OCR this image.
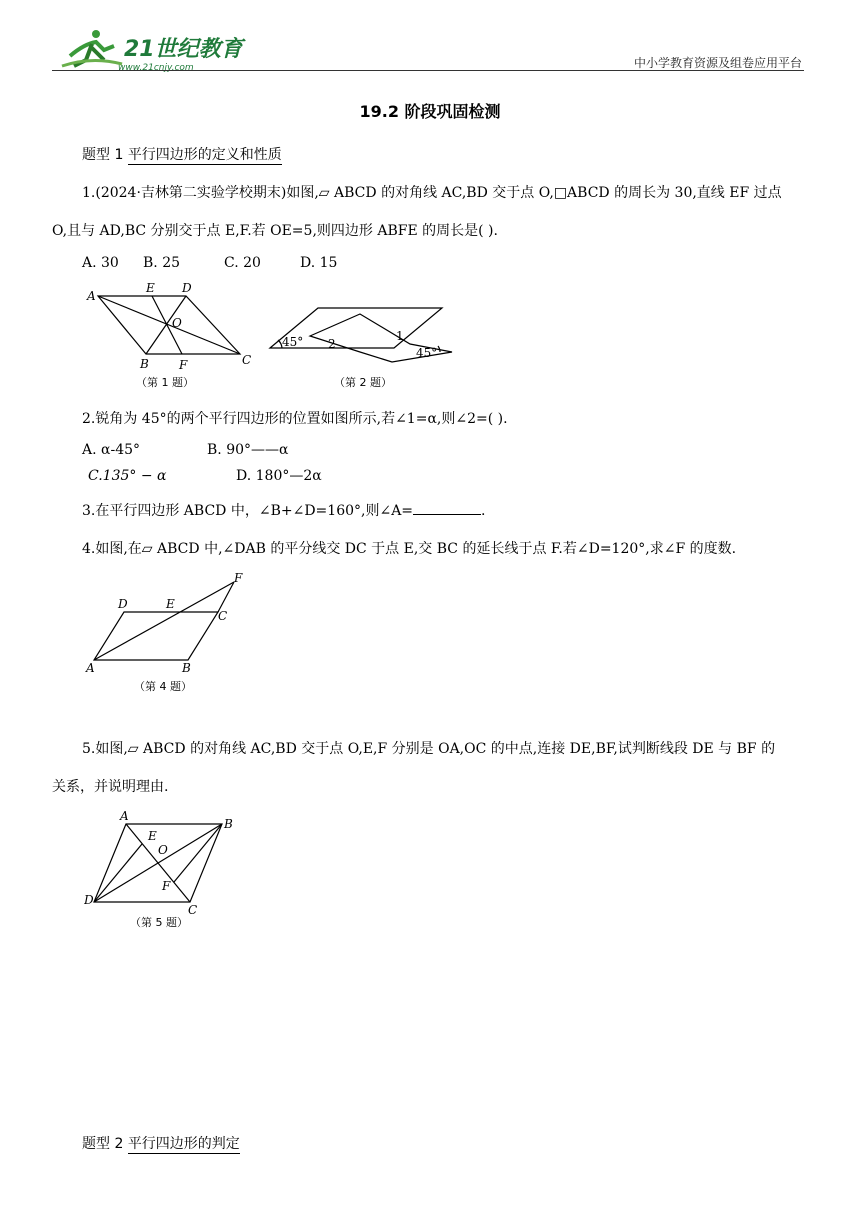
21世纪教育
www.21cnjy.com	中小学教育资源及组卷应用平台
19.2 阶段巩固检测
题型 1 平行四边形的定义和性质
1.(2024·吉林第二实验学校期末)如图,▱ ABCD 的对角线 AC,BD 交于点 O,□ABCD 的周长为 30,直线 EF 过点
O,且与 AD,BC 分别交于点 E,F.若 OE=5,则四边形 ABFE 的周长是( ).
A. 30 B. 25	C. 20	D. 15
A
E D
O
B	F	C
（第 1 题）
45°
45°
1
2
（第 2 题）
2.锐角为 45°的两个平行四边形的位置如图所示,若∠1=α,则∠2=( ).
A. α-45°	B. 90°——α
C.135° − α	D. 180°—2α
3.在平行四边形 ABCD 中，∠B+∠D=160°,则∠A=	.
4.如图,在▱ ABCD 中,∠DAB 的平分线交 DC 于点 E,交 BC 的延长线于点 F.若∠D=120°,求∠F 的度数.
D	E
F
C
A	B
（第 4 题）
5.如图,▱ ABCD 的对角线 AC,BD 交于点 O,E,F 分别是 OA,OC 的中点,连接 DE,BF,试判断线段 DE 与 BF 的
关系，并说明理由.
A
B
E
O
F
D
C
（第 5 题）
题型 2 平行四边形的判定
